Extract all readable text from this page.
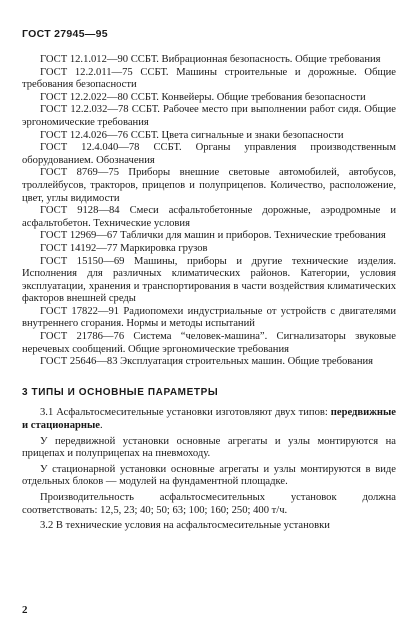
ГОСТ 27945—95
ГОСТ 12.1.012—90 ССБТ. Вибрационная безопасность. Общие требования
ГОСТ 12.2.011—75 ССБТ. Машины строительные и дорожные. Общие требования безопасности
ГОСТ 12.2.022—80 ССБТ. Конвейеры. Общие требования безопасности
ГОСТ 12.2.032—78 ССБТ. Рабочее место при выполнении работ сидя. Общие эргономические требования
ГОСТ 12.4.026—76 ССБТ. Цвета сигнальные и знаки безопасности
ГОСТ 12.4.040—78 ССБТ. Органы управления производственным оборудованием. Обозначения
ГОСТ 8769—75 Приборы внешние световые автомобилей, автобусов, троллейбусов, тракторов, прицепов и полуприцепов. Количество, расположение, цвет, углы видимости
ГОСТ 9128—84 Смеси асфальтобетонные дорожные, аэродромные и асфальтобетон. Технические условия
ГОСТ 12969—67 Таблички для машин и приборов. Технические требования
ГОСТ 14192—77 Маркировка грузов
ГОСТ 15150—69 Машины, приборы и другие технические изделия. Исполнения для различных климатических районов. Категории, условия эксплуатации, хранения и транспортирования в части воздействия климатических факторов внешней среды
ГОСТ 17822—91 Радиопомехи индустриальные от устройств с двигателями внутреннего сгорания. Нормы и методы испытаний
ГОСТ 21786—76 Система “человек-машина”. Сигнализаторы звуковые неречевых сообщений. Общие эргономические требования
ГОСТ 25646—83 Эксплуатация строительных машин. Общие требования
3 ТИПЫ И ОСНОВНЫЕ ПАРАМЕТРЫ
3.1 Асфальтосмесительные установки изготовляют двух типов: передвижные и стационарные.
У передвижной установки основные агрегаты и узлы монтируются на прицепах и полуприцепах на пневмоходу.
У стационарной установки основные агрегаты и узлы монтируются в виде отдельных блоков — модулей на фундаментной площадке.
Производительность асфальтосмесительных установок должна соответствовать: 12,5, 23; 40; 50; 63; 100; 160; 250; 400 т/ч.
3.2 В технические условия на асфальтосмесительные установки
2
